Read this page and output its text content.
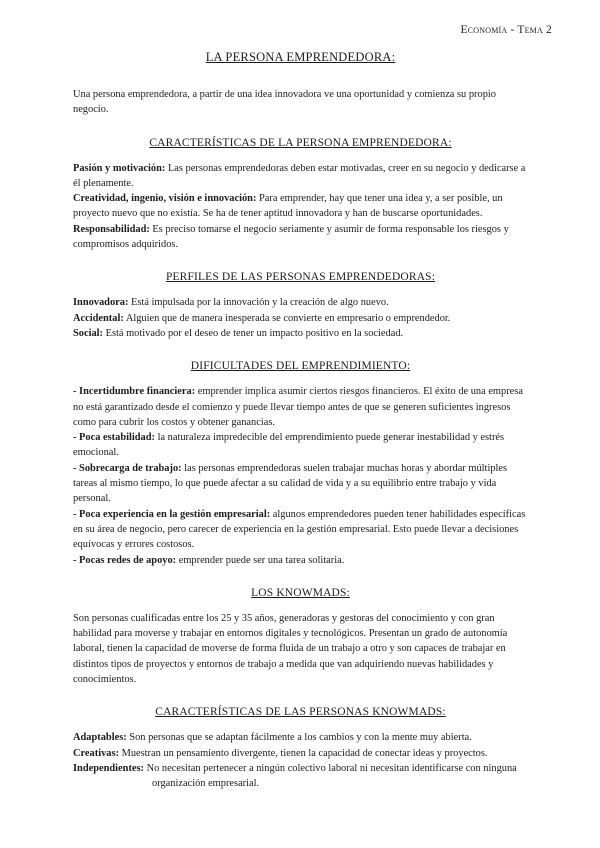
Economía - Tema 2
LA PERSONA EMPRENDEDORA:

Una persona emprendedora, a partir de una idea innovadora ve una oportunidad y comienza su propio negocio.

CARACTERÍSTICAS DE LA PERSONA EMPRENDEDORA:

Pasión y motivación: Las personas emprendedoras deben estar motivadas, creer en su negocio y dedicarse a él plenamente.

Creatividad, ingenio, visión e innovación: Para emprender, hay que tener una idea y, a ser posible, un proyecto nuevo que no existía. Se ha de tener aptitud innovadora y han de buscarse oportunidades.

Responsabilidad: Es preciso tomarse el negocio seriamente y asumir de forma responsable los riesgos y compromisos adquiridos.

PERFILES DE LAS PERSONAS EMPRENDEDORAS:

Innovadora: Está impulsada por la innovación y la creación de algo nuevo.

Accidental: Alguien que de manera inesperada se convierte en empresario o emprendedor.

Social: Está motivado por el deseo de tener un impacto positivo en la sociedad.

DIFICULTADES DEL EMPRENDIMIENTO:

- Incertidumbre financiera: emprender implica asumir ciertos riesgos financieros. El éxito de una empresa no está garantizado desde el comienzo y puede llevar tiempo antes de que se generen suficientes ingresos como para cubrir los costos y obtener ganancias.

- Poca estabilidad: la naturaleza impredecible del emprendimiento puede generar inestabilidad y estrés emocional.

- Sobrecarga de trabajo: las personas emprendedoras suelen trabajar muchas horas y abordar múltiples tareas al mismo tiempo, lo que puede afectar a su calidad de vida y a su equilibrio entre trabajo y vida personal.

- Poca experiencia en la gestión empresarial: algunos emprendedores pueden tener habilidades específicas en su área de negocio, pero carecer de experiencia en la gestión empresarial. Esto puede llevar a decisiones equívocas y errores costosos.

- Pocas redes de apoyo: emprender puede ser una tarea solitaria.

LOS KNOWMADS:

Son personas cualificadas entre los 25 y 35 años, generadoras y gestoras del conocimiento y con gran habilidad para moverse y trabajar en entornos digitales y tecnológicos. Presentan un grado de autonomía laboral, tienen la capacidad de moverse de forma fluida de un trabajo a otro y son capaces de trabajar en distintos tipos de proyectos y entornos de trabajo a medida que van adquiriendo nuevas habilidades y conocimientos.

CARACTERÍSTICAS DE LAS PERSONAS KNOWMADS:

Adaptables: Son personas que se adaptan fácilmente a los cambios y con la mente muy abierta.

Creativas: Muestran un pensamiento divergente, tienen la capacidad de conectar ideas y proyectos.

Independientes: No necesitan pertenecer a ningún colectivo laboral ni necesitan identificarse con ninguna organización empresarial.
